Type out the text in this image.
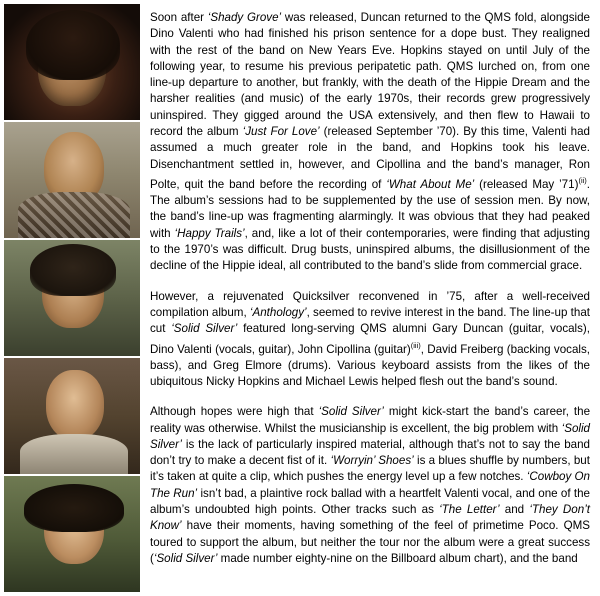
Soon after ‘Shady Grove’ was released, Duncan returned to the QMS fold, alongside Dino Valenti who had finished his prison sentence for a dope bust. They realigned with the rest of the band on New Years Eve. Hopkins stayed on until July of the following year, to resume his previous peripatetic path. QMS lurched on, from one line-up departure to another, but frankly, with the death of the Hippie Dream and the harsher realities (and music) of the early 1970s, their records grew progressively uninspired. They gigged around the USA extensively, and then flew to Hawaii to record the album ‘Just For Love’ (released September ’70). By this time, Valenti had assumed a much greater role in the band, and Hopkins took his leave. Disenchantment settled in, however, and Cipollina and the band’s manager, Ron Polte, quit the band before the recording of ‘What About Me’ (released May ’71)$^{(ii)}$. The album’s sessions had to be supplemented by the use of session men. By now, the band’s line-up was fragmenting alarmingly. It was obvious that they had peaked with ‘Happy Trails’, and, like a lot of their contemporaries, were finding that adjusting to the 1970’s was difficult. Drug busts, uninspired albums, the disillusionment of the decline of the Hippie ideal, all contributed to the band’s slide from commercial grace.

However, a rejuvenated Quicksilver reconvened in ’75, after a well-received compilation album, ‘Anthology’, seemed to revive interest in the band. The line-up that cut ‘Solid Silver’ featured long-serving QMS alumni Gary Duncan (guitar, vocals), Dino Valenti (vocals, guitar), John Cipollina (guitar)$^{(iii)}$, David Freiberg (backing vocals, bass), and Greg Elmore (drums). Various keyboard assists from the likes of the ubiquitous Nicky Hopkins and Michael Lewis helped flesh out the band’s sound.

Although hopes were high that ‘Solid Silver’ might kick-start the band’s career, the reality was otherwise. Whilst the musicianship is excellent, the big problem with ‘Solid Silver’ is the lack of particularly inspired material, although that’s not to say the band don’t try to make a decent fist of it. ‘Worryin’ Shoes’ is a blues shuffle by numbers, but it’s taken at quite a clip, which pushes the energy level up a few notches. ‘Cowboy On The Run’ isn’t bad, a plaintive rock ballad with a heartfelt Valenti vocal, and one of the album’s undoubted high points. Other tracks such as ‘The Letter’ and ‘They Don’t Know’ have their moments, having something of the feel of primetime Poco. QMS toured to support the album, but neither the tour nor the album were a great success (‘Solid Silver’ made number eighty-nine on the Billboard album chart), and the band
